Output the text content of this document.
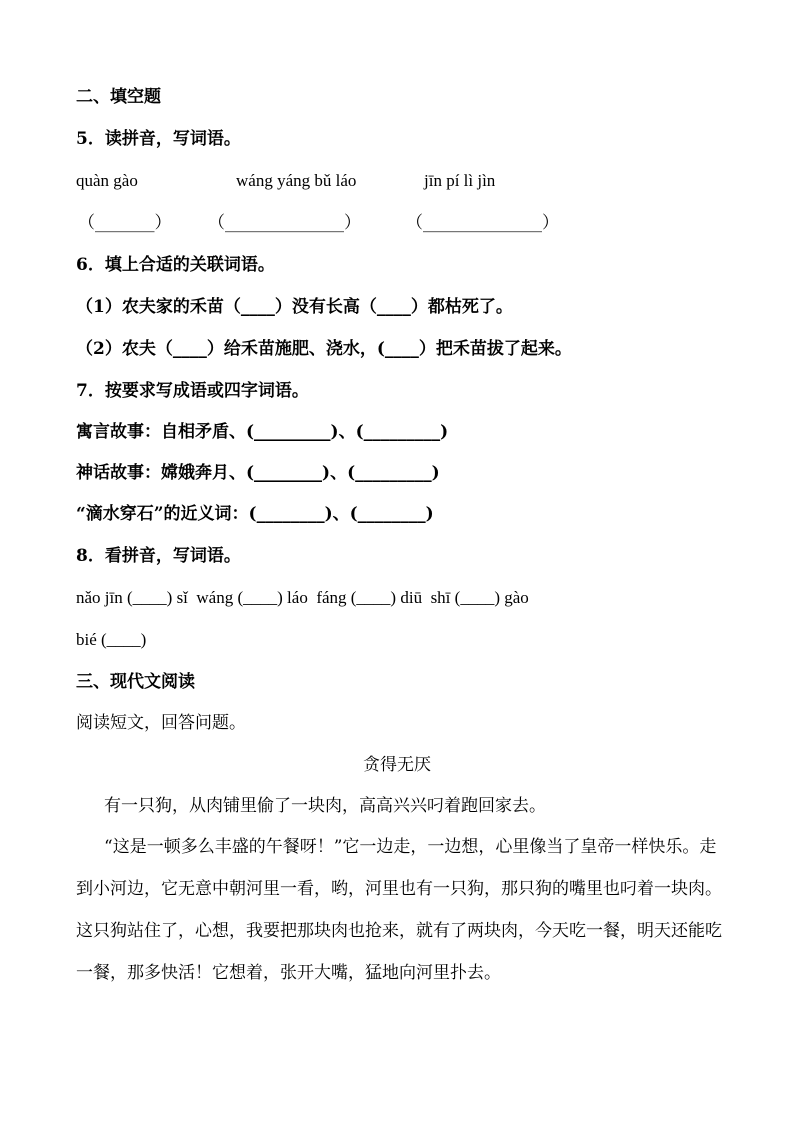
二、填空题
5．读拼音，写词语。
quàn gào	wáng yáng bǔ láo	jīn pí lì jìn
（_______） （______________）	（______________）
6．填上合适的关联词语。
（1）农夫家的禾苗（____）没有长高（____）都枯死了。
（2）农夫（____）给禾苗施肥、浇水，(____）把禾苗拔了起来。
7．按要求写成语或四字词语。
寓言故事：自相矛盾、(_________)、(_________)
神话故事：嫦娥奔月、(________)、(_________)
“滴水穿石”的近义词：(________)、(________)
8．看拼音，写词语。
nǎo jīn (____) sǐ  wáng (____) láo  fáng (____) diū  shī (____) gào
bié (____)
三、现代文阅读
阅读短文，回答问题。
贪得无厌
有一只狗，从肉铺里偷了一块肉，高高兴兴叼着跑回家去。
“这是一顿多么丰盛的午餐呀！”它一边走，一边想，心里像当了皇帝一样快乐。走到小河边，它无意中朝河里一看，哟，河里也有一只狗，那只狗的嘴里也叼着一块肉。这只狗站住了，心想，我要把那块肉也抢来，就有了两块肉，今天吃一餐，明天还能吃一餐，那多快活！它想着，张开大嘴，猛地向河里扑去。
